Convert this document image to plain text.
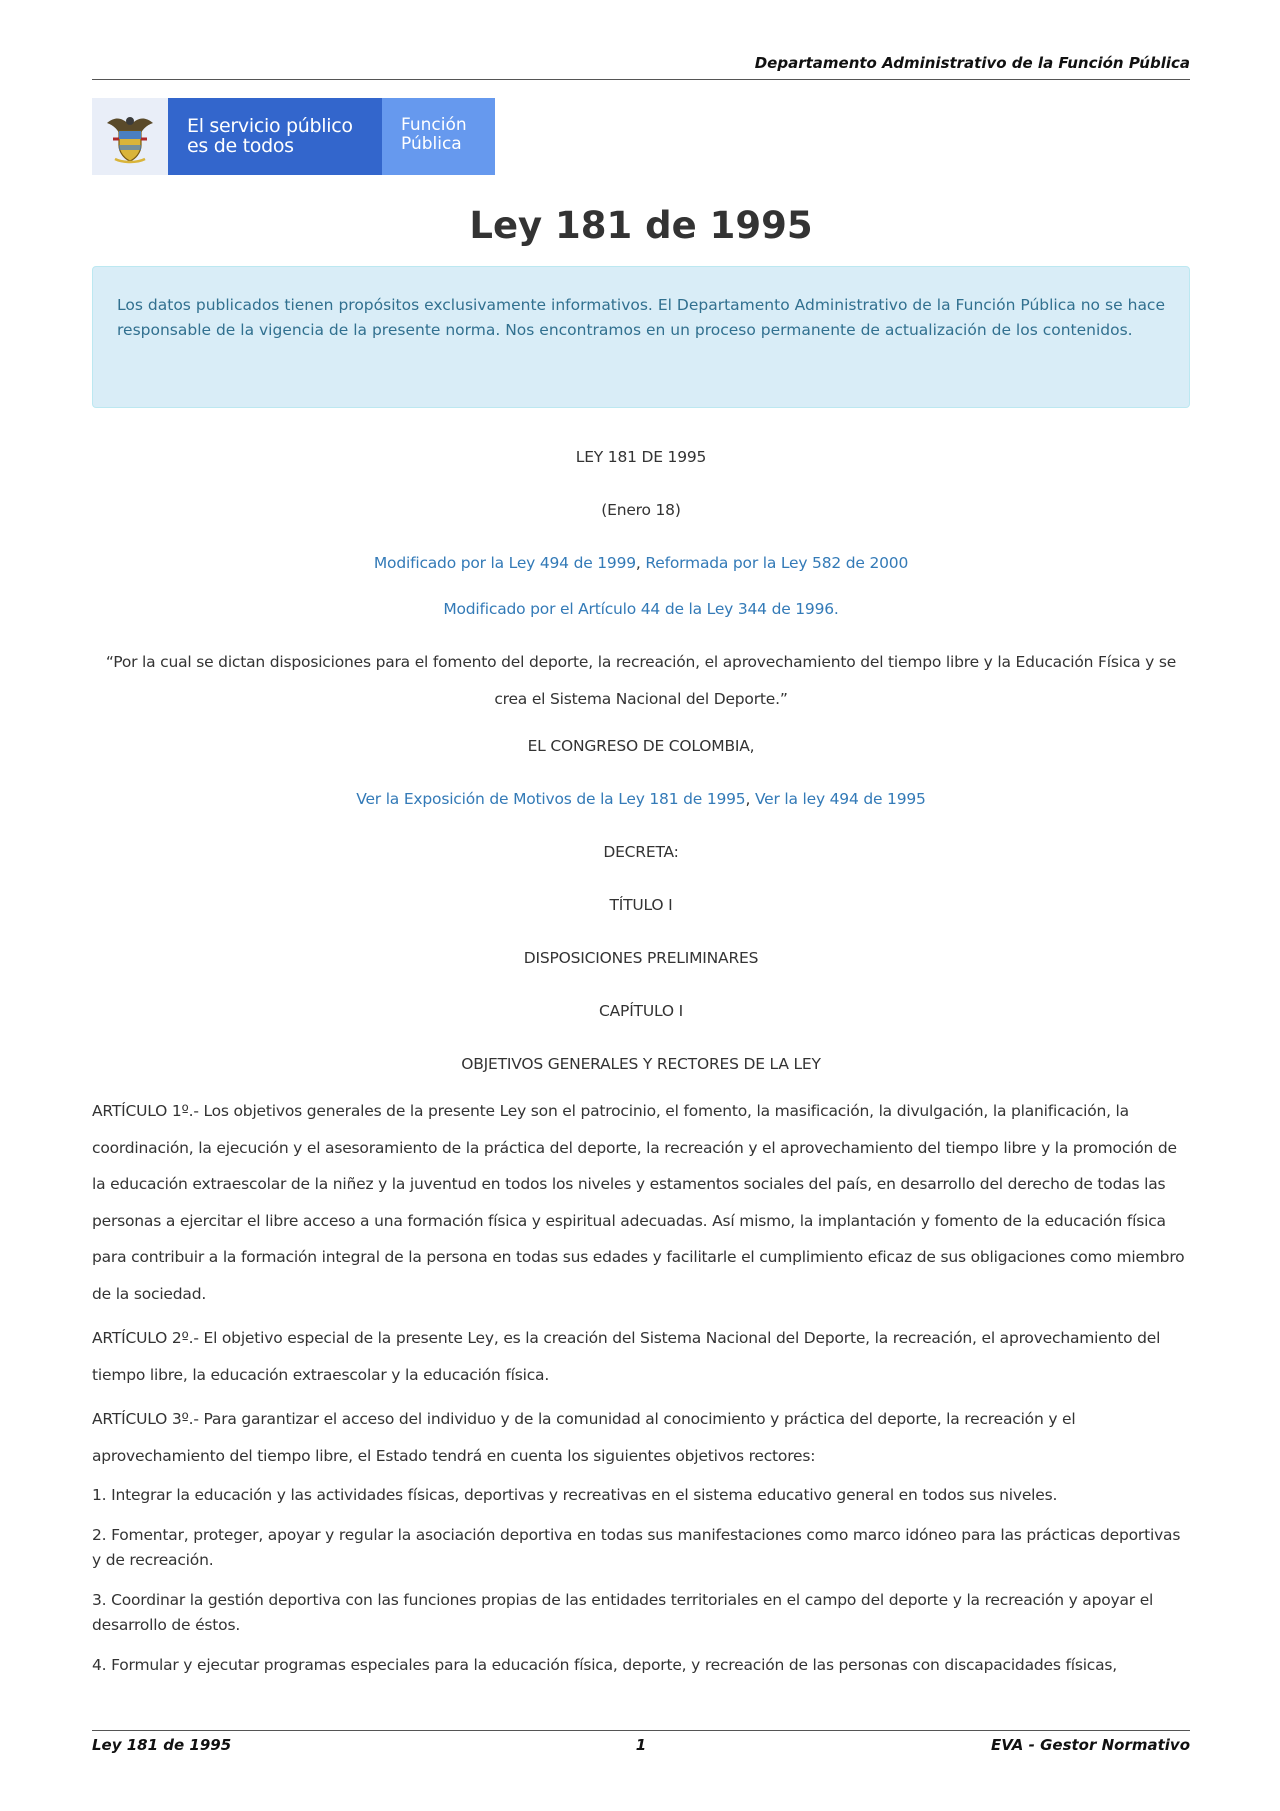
Departamento Administrativo de la Función Pública
El servicio público
es de todos
Función
Pública
Ley 181 de 1995
Los datos publicados tienen propósitos exclusivamente informativos. El Departamento Administrativo de la Función Pública no se hace responsable de la vigencia de la presente norma. Nos encontramos en un proceso permanente de actualización de los contenidos.
LEY 181 DE 1995
(Enero 18)
Modificado por la Ley 494 de 1999, Reformada por la Ley 582 de 2000
Modificado por el Artículo 44 de la Ley 344 de 1996.
“Por la cual se dictan disposiciones para el fomento del deporte, la recreación, el aprovechamiento del tiempo libre y la Educación Física y se crea el Sistema Nacional del Deporte.”
EL CONGRESO DE COLOMBIA,
Ver la Exposición de Motivos de la Ley 181 de 1995, Ver la ley 494 de 1995
DECRETA:
TÍTULO I
DISPOSICIONES PRELIMINARES
CAPÍTULO I
OBJETIVOS GENERALES Y RECTORES DE LA LEY

ARTÍCULO 1º.- Los objetivos generales de la presente Ley son el patrocinio, el fomento, la masificación, la divulgación, la planificación, la coordinación, la ejecución y el asesoramiento de la práctica del deporte, la recreación y el aprovechamiento del tiempo libre y la promoción de la educación extraescolar de la niñez y la juventud en todos los niveles y estamentos sociales del país, en desarrollo del derecho de todas las personas a ejercitar el libre acceso a una formación física y espiritual adecuadas. Así mismo, la implantación y fomento de la educación física para contribuir a la formación integral de la persona en todas sus edades y facilitarle el cumplimiento eficaz de sus obligaciones como miembro de la sociedad.

ARTÍCULO 2º.- El objetivo especial de la presente Ley, es la creación del Sistema Nacional del Deporte, la recreación, el aprovechamiento del tiempo libre, la educación extraescolar y la educación física.

ARTÍCULO 3º.- Para garantizar el acceso del individuo y de la comunidad al conocimiento y práctica del deporte, la recreación y el aprovechamiento del tiempo libre, el Estado tendrá en cuenta los siguientes objetivos rectores:

1. Integrar la educación y las actividades físicas, deportivas y recreativas en el sistema educativo general en todos sus niveles.

2. Fomentar, proteger, apoyar y regular la asociación deportiva en todas sus manifestaciones como marco idóneo para las prácticas deportivas y de recreación.

3. Coordinar la gestión deportiva con las funciones propias de las entidades territoriales en el campo del deporte y la recreación y apoyar el desarrollo de éstos.

4. Formular y ejecutar programas especiales para la educación física, deporte, y recreación de las personas con discapacidades físicas,

Ley 181 de 1995	1	EVA - Gestor Normativo
